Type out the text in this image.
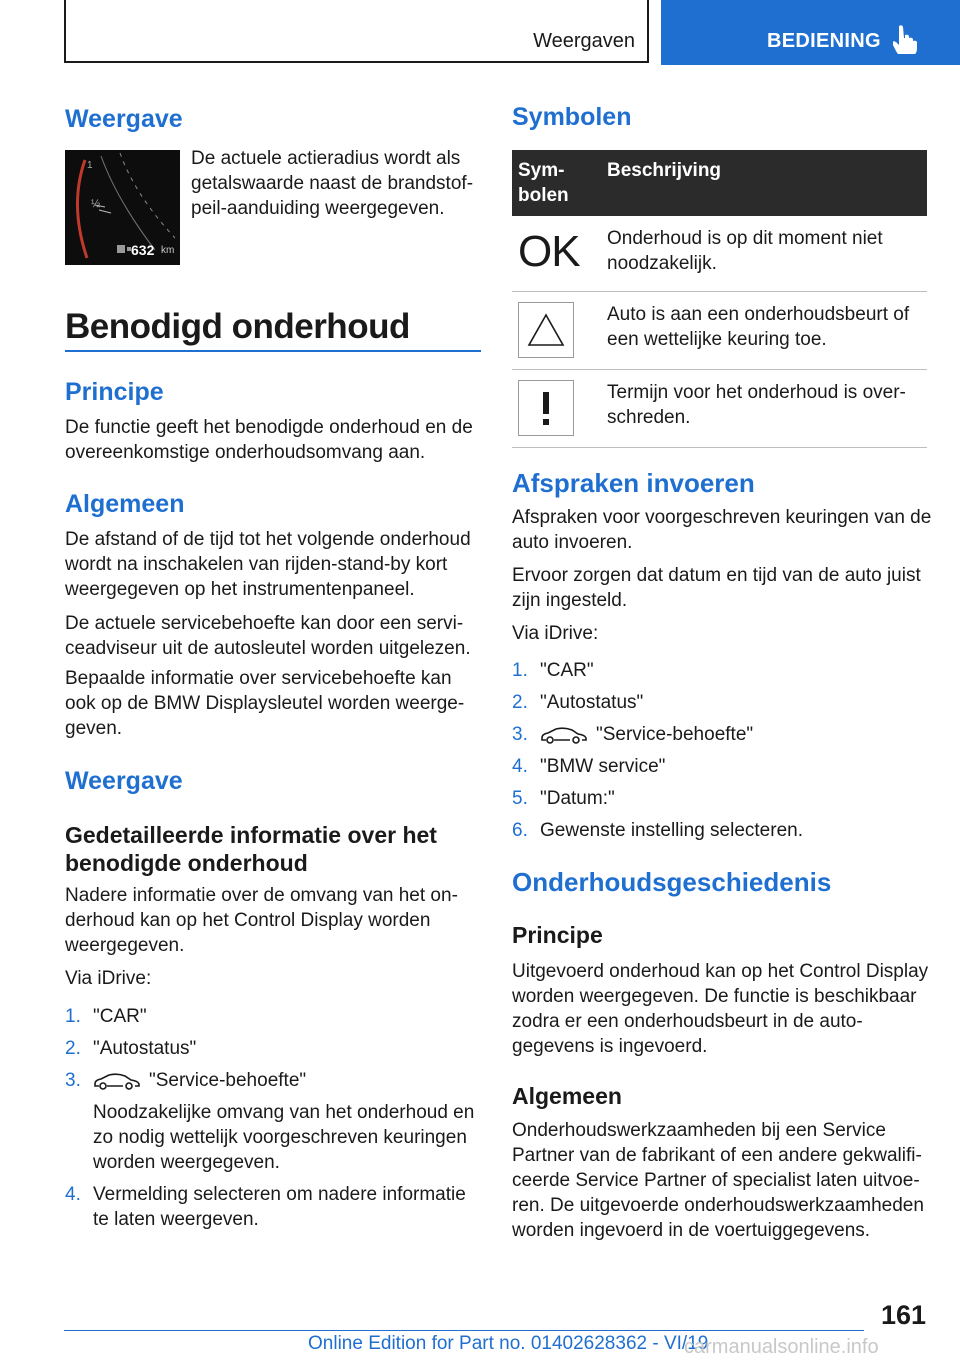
Weergaven	BEDIENING
Weergave
1
½
632 km

De actuele actieradius wordt als getalswaarde naast de brandstofpeil-aanduiding weergegeven.

Benodigd onderhoud
Principe

De functie geeft het benodigde onderhoud en de overeenkomstige onderhoudsomvang aan.

Algemeen

De afstand of de tijd tot het volgende onderhoud wordt na inschakelen van rijden-stand-by kort weergegeven op het instrumentenpaneel.

De actuele servicebehoefte kan door een serviceadviseur uit de autosleutel worden uitgelezen.

Bepaalde informatie over servicebehoefte kan ook op de BMW Displaysleutel worden weergegeven.

Weergave
Gedetailleerde informatie over het benodigde onderhoud

Nadere informatie over de omvang van het onderhoud kan op het Control Display worden weergegeven.

Via iDrive:

1. "CAR"
2. "Autostatus"
3.	"Service-behoefte"
Noodzakelijke omvang van het onderhoud en zo nodig wettelijk voorgeschreven keuringen worden weergegeven.
4. Vermelding selecteren om nadere informatie te laten weergeven.
Symbolen
Symbolen	Beschrijving
OK	Onderhoud is op dit moment niet noodzakelijk.

	Auto is aan een onderhoudsbeurt of een wettelijke keuring toe.

	Termijn voor het onderhoud is overschreden.
Afspraken invoeren

Afspraken voor voorgeschreven keuringen van de auto invoeren.

Ervoor zorgen dat datum en tijd van de auto juist zijn ingesteld.

Via iDrive:

1. "CAR"
2. "Autostatus"
3.	"Service-behoefte"
4. "BMW service"
5. "Datum:"
6. Gewenste instelling selecteren.
Onderhoudsgeschiedenis
Principe

Uitgevoerd onderhoud kan op het Control Display worden weergegeven. De functie is beschikbaar zodra er een onderhoudsbeurt in de autogegevens is ingevoerd.

Algemeen

Onderhoudswerkzaamheden bij een Service Partner van de fabrikant of een andere gekwalificeerde Service Partner of specialist laten uitvoeren. De uitgevoerde onderhoudswerkzaamheden worden ingevoerd in de voertuiggegevens.

161
Online Edition for Part no. 01402628362 - VI/19
carmanualsonline.info
